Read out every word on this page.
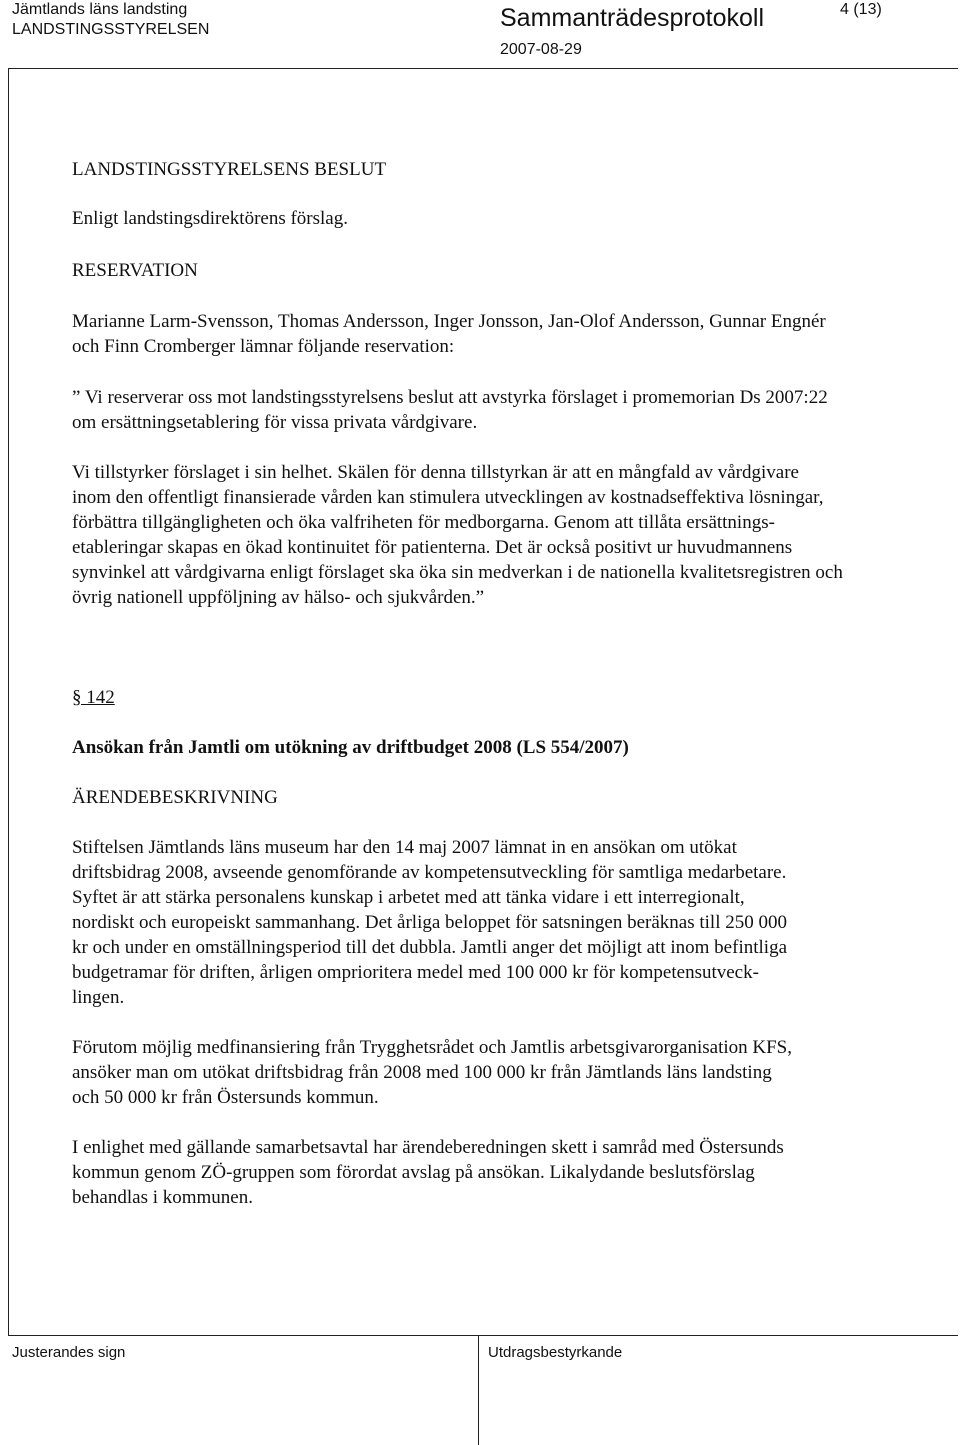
Jämtlands läns landsting

LANDSTINGSSTYRELSEN	Sammanträdesprotokoll

2007-08-29

4 (13)

LANDSTINGSSTYRELSENS BESLUT

Enligt landstingsdirektörens förslag.

RESERVATION

Marianne Larm-Svensson, Thomas Andersson, Inger Jonsson, Jan-Olof Andersson, Gunnar Engnér

och Finn Cromberger lämnar följande reservation:

” Vi reserverar oss mot landstingsstyrelsens beslut att avstyrka förslaget i promemorian Ds 2007:22

om ersättningsetablering för vissa privata vårdgivare.

Vi tillstyrker förslaget i sin helhet. Skälen för denna tillstyrkan är att en mångfald av vårdgivare

inom den offentligt finansierade vården kan stimulera utvecklingen av kostnadseffektiva lösningar,

förbättra tillgängligheten och öka valfriheten för medborgarna. Genom att tillåta ersättnings-

etableringar skapas en ökad kontinuitet för patienterna. Det är också positivt ur huvudmannens

synvinkel att vårdgivarna enligt förslaget ska öka sin medverkan i de nationella kvalitetsregistren och

övrig nationell uppföljning av hälso- och sjukvården.”

§ 142

Ansökan från Jamtli om utökning av driftbudget 2008 (LS 554/2007)

ÄRENDEBESKRIVNING

Stiftelsen Jämtlands läns museum har den 14 maj 2007 lämnat in en ansökan om utökat

driftsbidrag 2008, avseende genomförande av kompetensutveckling för samtliga medarbetare.

Syftet är att stärka personalens kunskap i arbetet med att tänka vidare i ett interregionalt,

nordiskt och europeiskt sammanhang. Det årliga beloppet för satsningen beräknas till 250 000

kr och under en omställningsperiod till det dubbla. Jamtli anger det möjligt att inom befintliga

budgetramar för driften, årligen omprioritera medel med 100 000 kr för kompetensutveck-

lingen.

Förutom möjlig medfinansiering från Trygghetsrådet och Jamtlis arbetsgivarorganisation KFS,

ansöker man om utökat driftsbidrag från 2008 med 100 000 kr från Jämtlands läns landsting

och 50 000 kr från Östersunds kommun.

I enlighet med gällande samarbetsavtal har ärendeberedningen skett i samråd med Östersunds

kommun genom ZÖ-gruppen som förordat avslag på ansökan. Likalydande beslutsförslag

behandlas i kommunen.

Justerandes sign	Utdragsbestyrkande
